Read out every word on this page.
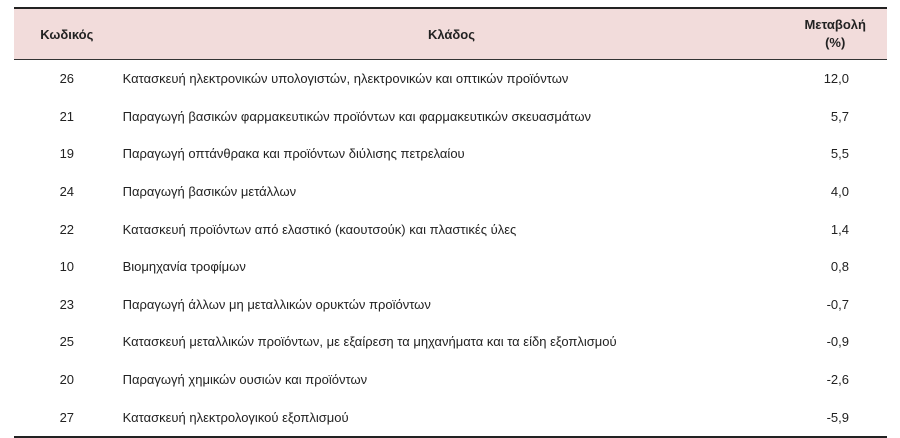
Κωδικός	Κλάδος	Μεταβολή
(%)
26	Κατασκευή ηλεκτρονικών υπολογιστών, ηλεκτρονικών και οπτικών προϊόντων	12,0
21	Παραγωγή βασικών φαρμακευτικών προϊόντων και φαρμακευτικών σκευασμάτων	5,7
19	Παραγωγή οπτάνθρακα και προϊόντων διύλισης πετρελαίου	5,5
24	Παραγωγή βασικών μετάλλων	4,0
22	Κατασκευή προϊόντων από ελαστικό (καουτσούκ) και πλαστικές ύλες	1,4
10	Βιομηχανία τροφίμων	0,8
23	Παραγωγή άλλων μη μεταλλικών ορυκτών προϊόντων	-0,7
25	Κατασκευή μεταλλικών προϊόντων, με εξαίρεση τα μηχανήματα και τα είδη εξοπλισμού	-0,9
20	Παραγωγή χημικών ουσιών και προϊόντων	-2,6
27	Κατασκευή ηλεκτρολογικού εξοπλισμού	-5,9
